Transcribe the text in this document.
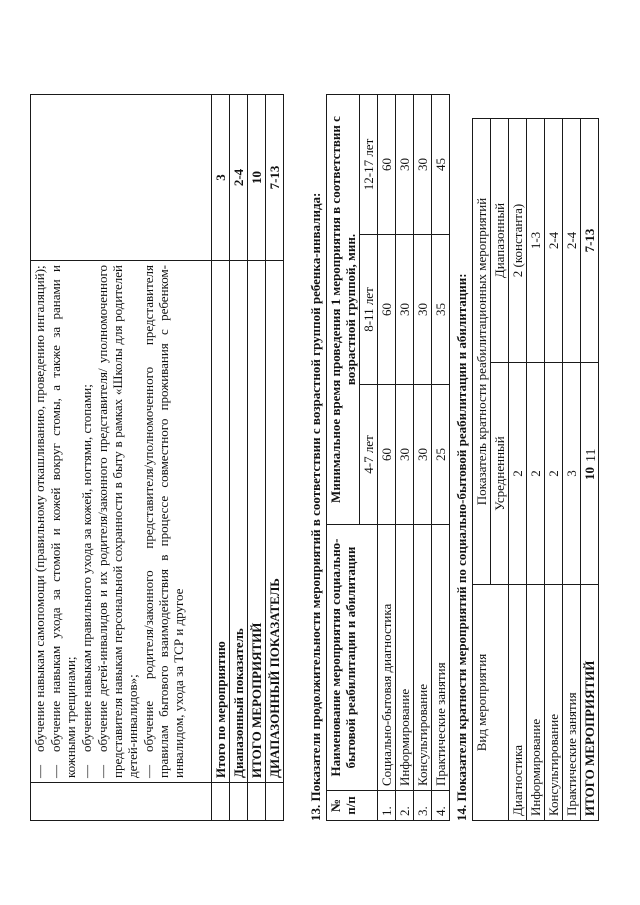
	—обучение навыкам самопомощи (правильному откашливанию, проведению ингаляций);

—обучение навыкам ухода за стомой и кожей вокруг стомы, а также за ранами и кожными трещинами; —обучение навыкам правильного ухода за кожей, ногтями, стопами;

—обучение детей-инвалидов и их родителя/законного представителя/ уполномоченного представителя навыкам персональной сохранности в быту в рамках «Школы для родителей детей-инвалидов»; —обучение родителя/законного представителя/уполномоченного представителя правилам бытового взаимодействия в процессе совместного проживания с ребенком-инвалидом, ухода за ТСР и другое	

	Итого по мероприятию	3
	Диапазонный показатель	2-4
	ИТОГО МЕРОПРИЯТИЙ	10
	ДИАПАЗОННЫЙ ПОКАЗАТЕЛЬ	7-13
13. Показатели продолжительности мероприятий в соответствии с возрастной группой ребенка-инвалида: № п/п	Наименование мероприятия социально-бытовой реабилитации и абилитации	Минимальное время проведения 1 мероприятия в соответствии с возрастной группой, мин.		
		4-7 лет	8-11 лет	12-17 лет
1.	Социально-бытовая диагностика	60	60	60
2.	Информирование	30	30	30
3.	Консультирование	30	30	30
4.	Практические занятия	25	35	45
14. Показатели кратности мероприятий по социально-бытовой реабилитации и абилитации: Вид мероприятия	Показатель кратности реабилитационных мероприятий	
	Усредненный	Диапазонный
Диагностика	2	2 (константа)
Информирование	2	1-3
Консультирование	2	2-4
Практические занятия	3	2-4
ИТОГО МЕРОПРИЯТИЙ	10	7-13
11
